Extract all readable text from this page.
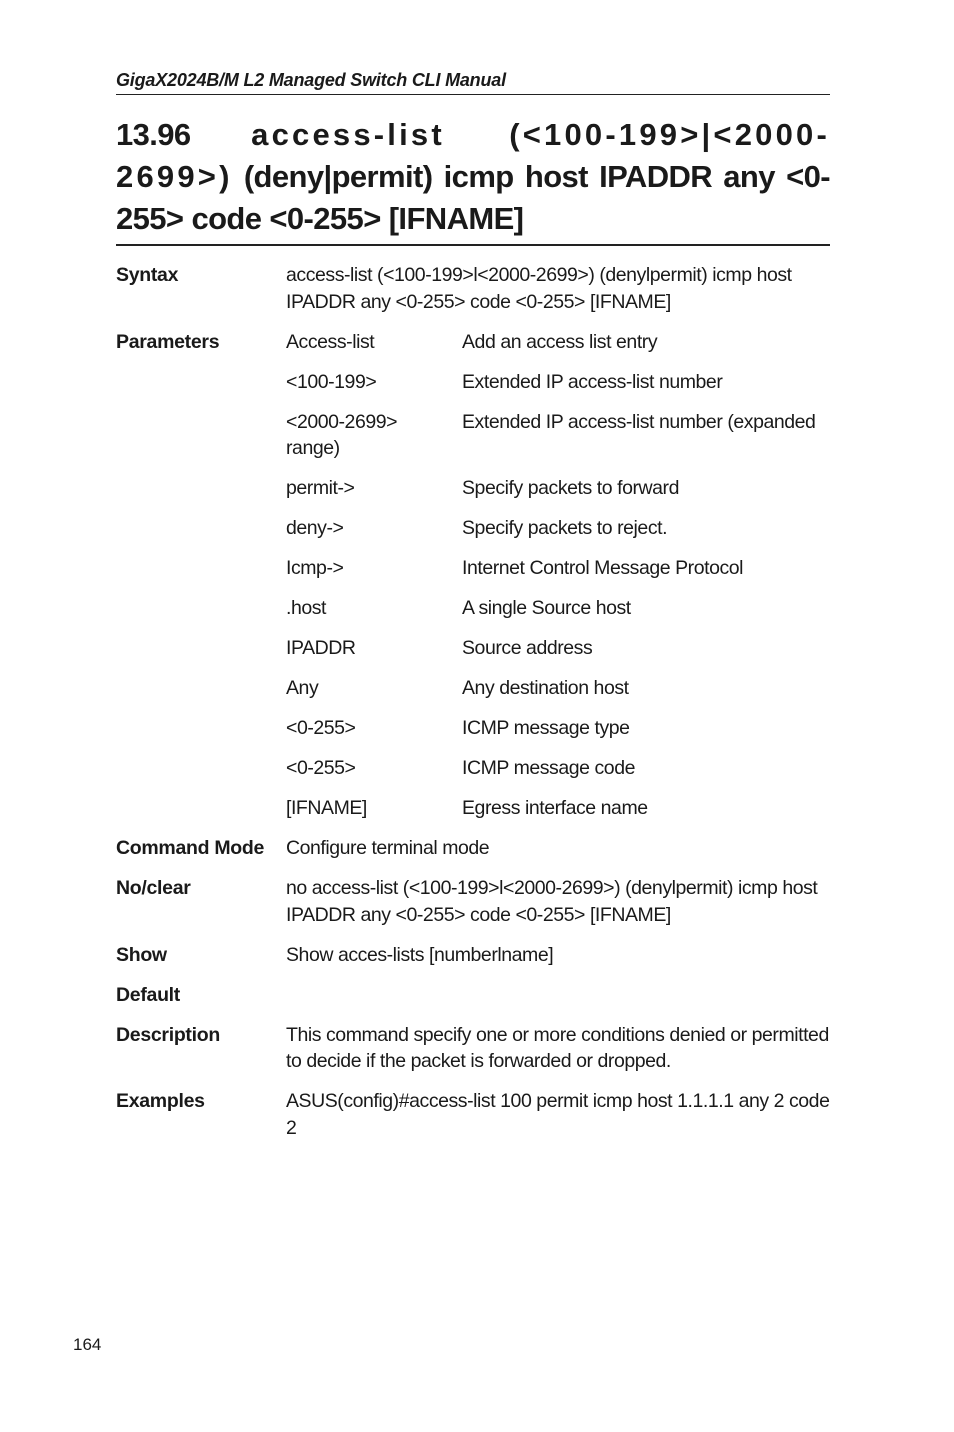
GigaX2024B/M L2 Managed Switch CLI Manual
13.96 access-list (<100-199>|<2000-2699>) (deny|permit) icmp host IPADDR any <0-255> code <0-255> [IFNAME]
Syntax	access-list (<100-199>l<2000-2699>) (denylpermit) icmp host IPADDR any <0-255> code <0-255> [IFNAME]
Parameters	Access-list	Add an access list entry
<100-199>	Extended IP access-list number
<2000-2699>	Extended IP access-list number (expanded
range)
permit->	Specify packets to forward
deny->	Specify packets to reject.
Icmp->	Internet Control Message Protocol
.host	A single Source host
IPADDR	Source address
Any	Any destination host
<0-255>	ICMP message type
<0-255>	ICMP message code
[IFNAME]	Egress interface name
Command Mode	Configure terminal mode
No/clear	no access-list (<100-199>l<2000-2699>) (denylpermit) icmp host IPADDR any <0-255> code <0-255> [IFNAME]
Show	Show acces-lists [numberlname]
Default
Description	This command specify one or more conditions denied or permitted to decide if the packet is forwarded or dropped.
Examples	ASUS(config)#access-list 100 permit icmp host 1.1.1.1 any 2 code 2
164
